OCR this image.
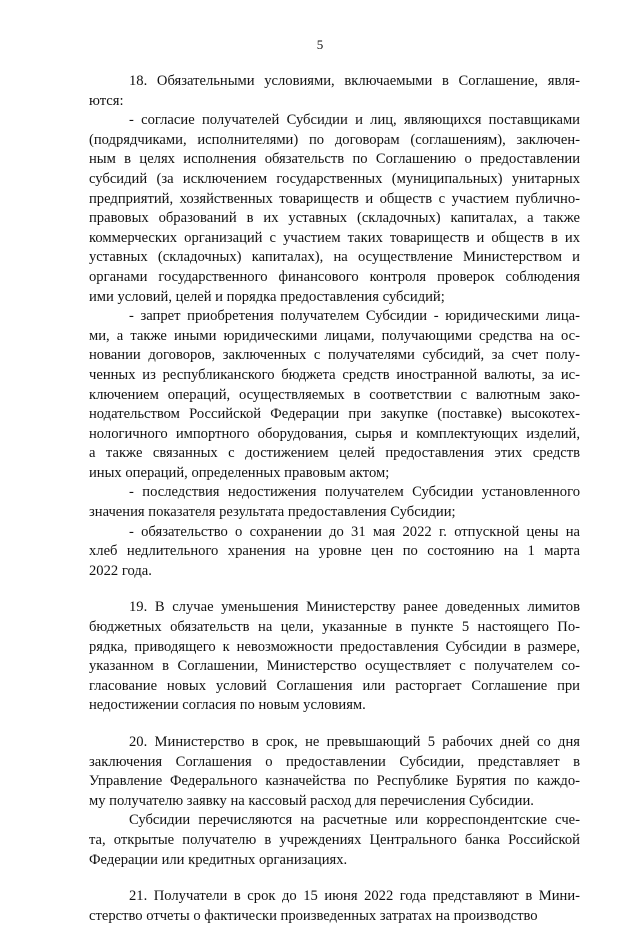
5
18. Обязательными условиями, включаемыми в Соглашение, явля-
ются:
- согласие получателей Субсидии и лиц, являющихся поставщиками
(подрядчиками, исполнителями) по договорам (соглашениям), заключен-
ным в целях исполнения обязательств по Соглашению о предоставлении
субсидий (за исключением государственных (муниципальных) унитарных
предприятий, хозяйственных товариществ и обществ с участием публично-
правовых образований в их уставных (складочных) капиталах, а также
коммерческих организаций с участием таких товариществ и обществ в их
уставных (складочных) капиталах), на осуществление Министерством и
органами государственного финансового контроля проверок соблюдения
ими условий, целей и порядка предоставления субсидий;
- запрет приобретения получателем Субсидии - юридическими лица-
ми, а также иными юридическими лицами, получающими средства на ос-
новании договоров, заключенных с получателями субсидий, за счет полу-
ченных из республиканского бюджета средств иностранной валюты, за ис-
ключением операций, осуществляемых в соответствии с валютным зако-
нодательством Российской Федерации при закупке (поставке) высокотех-
нологичного импортного оборудования, сырья и комплектующих изделий,
а также связанных с достижением целей предоставления этих средств
иных операций, определенных правовым актом;
- последствия недостижения получателем Субсидии установленного
значения показателя результата предоставления Субсидии;
- обязательство о сохранении до 31 мая 2022 г. отпускной цены на
хлеб недлительного хранения на уровне цен по состоянию на 1 марта
2022 года.
19. В случае уменьшения Министерству ранее доведенных лимитов
бюджетных обязательств на цели, указанные в пункте 5 настоящего По-
рядка, приводящего к невозможности предоставления Субсидии в размере,
указанном в Соглашении, Министерство осуществляет с получателем со-
гласование новых условий Соглашения или расторгает Соглашение при
недостижении согласия по новым условиям.
20. Министерство в срок, не превышающий 5 рабочих дней со дня
заключения Соглашения о предоставлении Субсидии, представляет в
Управление Федерального казначейства по Республике Бурятия по каждо-
му получателю заявку на кассовый расход для перечисления Субсидии.
Субсидии перечисляются на расчетные или корреспондентские сче-
та, открытые получателю в учреждениях Центрального банка Российской
Федерации или кредитных организациях.
21. Получатели в срок до 15 июня 2022 года представляют в Мини-
стерство отчеты о фактически произведенных затратах на производство
